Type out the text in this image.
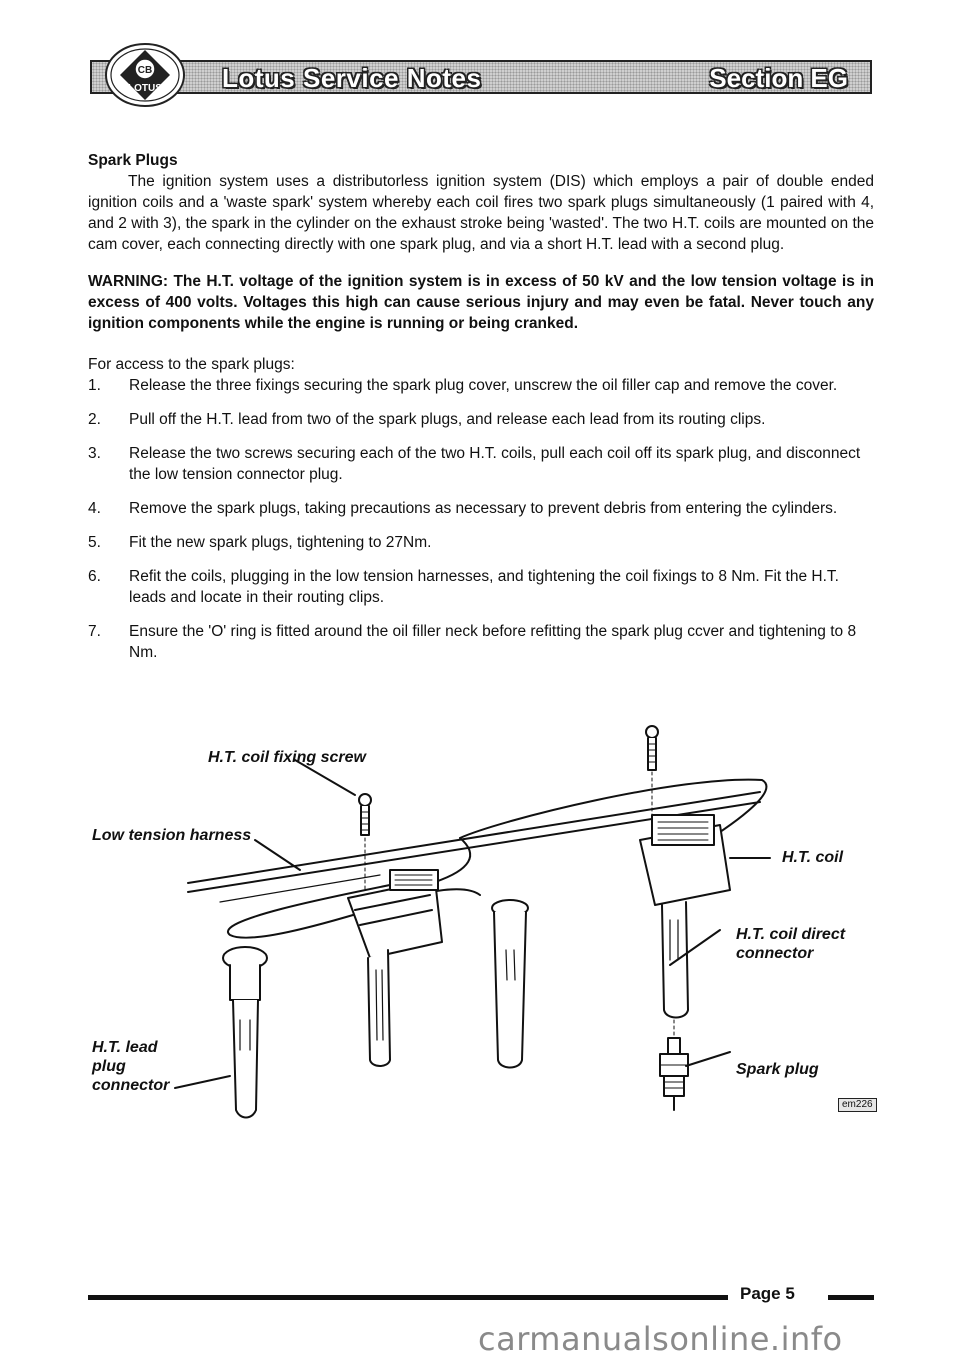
Lotus Service Notes	Section EG
CB
LOTUS

Spark Plugs

The ignition system uses a distributorless ignition system (DIS) which employs a pair of double ended ignition coils and a 'waste spark' system whereby each coil fires two spark plugs simultaneously (1 paired with 4, and 2 with 3), the spark in the cylinder on the exhaust stroke being 'wasted'. The two H.T. coils are mounted on the cam cover, each connecting directly with one spark plug, and via a short H.T. lead with a second plug.

WARNING: The H.T. voltage of the ignition system is in excess of 50 kV and the low tension voltage is in excess of 400 volts. Voltages this high can cause serious injury and may even be fatal. Never touch any ignition components while the engine is running or being cranked.

For access to the spark plugs:

1. Release the three fixings securing the spark plug cover, unscrew the oil filler cap and remove the cover.
2. Pull off the H.T. lead from two of the spark plugs, and release each lead from its routing clips.
3. Release the two screws securing each of the two H.T. coils, pull each coil off its spark plug, and disconnect the low tension connector plug.
4. Remove the spark plugs, taking precautions as necessary to prevent debris from entering the cylinders.
5. Fit the new spark plugs, tightening to 27Nm.
6. Refit the coils, plugging in the low tension harnesses, and tightening the coil fixings to 8 Nm. Fit the H.T. leads and locate in their routing clips.
7. Ensure the 'O' ring is fitted around the oil filler neck before refitting the spark plug ccver and tightening to 8 Nm.
H.T. coil fixing screw
Low tension harness
H.T. coil
H.T. coil direct
connector
H.T. lead
plug
connector
Spark plug
em226
Page 5
carmanualsonline.info
